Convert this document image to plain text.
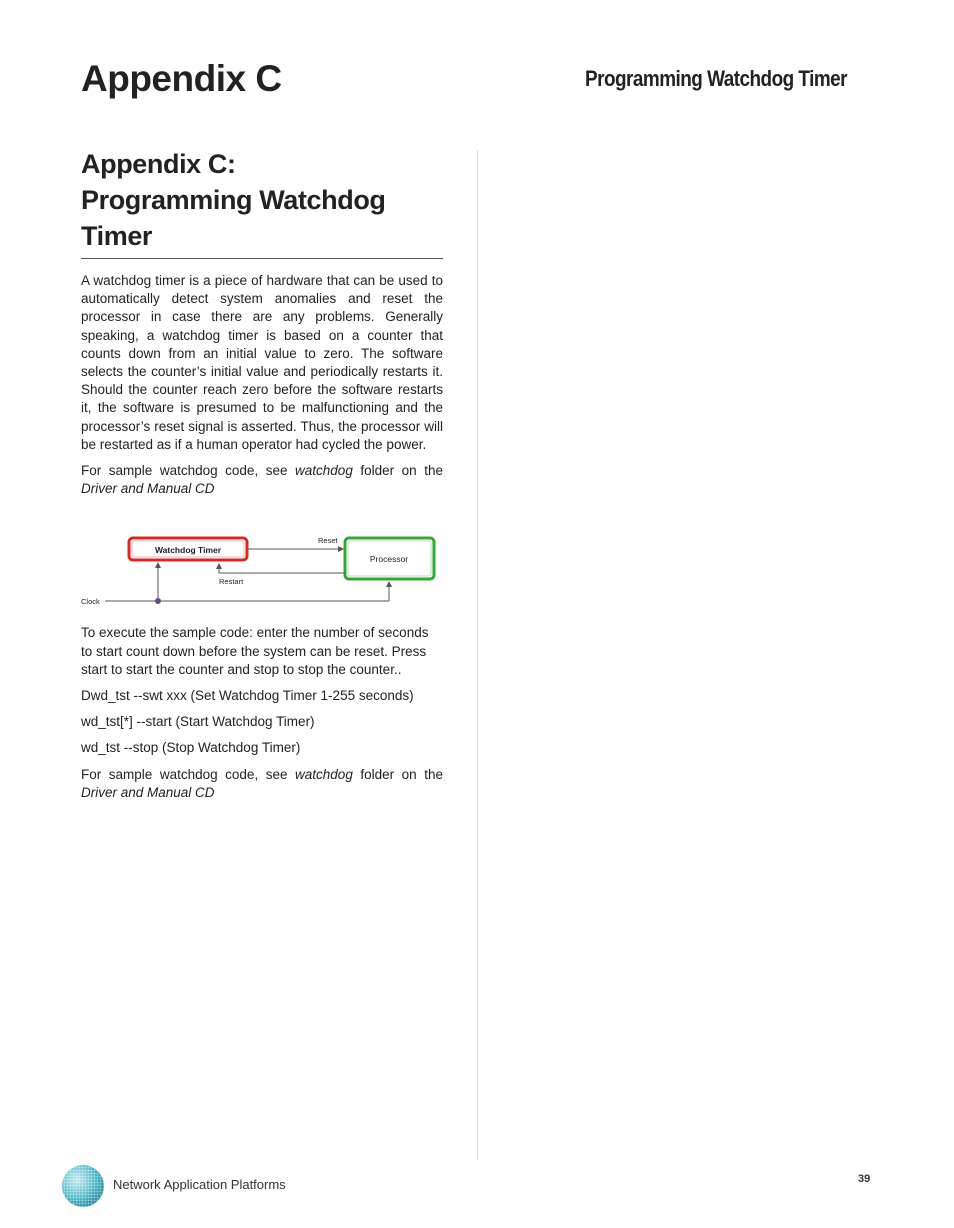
Appendix C	Programming Watchdog Timer
Appendix C:
Programming Watchdog
Timer

A watchdog timer is a piece of hardware that can be used to automatically detect system anomalies and reset the processor in case there are any problems. Generally speaking, a watchdog timer is based on a counter that counts down from an initial value to zero. The software selects the counter’s initial value and periodically restarts it. Should the counter reach zero before the software restarts it, the software is presumed to be malfunctioning and the processor’s reset signal is asserted. Thus, the processor will be restarted as if a human operator had cycled the power.

For sample watchdog code, see watchdog folder on the Driver and Manual CD

Watchdog Timer
Processor
Reset
Restart
Clock

To execute the sample code: enter the number of seconds to start count down before the system can be reset. Press start to start the counter and stop to stop the counter..

Dwd_tst --swt xxx (Set Watchdog Timer 1-255 seconds)

wd_tst[*] --start (Start Watchdog Timer)

wd_tst --stop (Stop Watchdog Timer)

For sample watchdog code, see watchdog folder on the Driver and Manual CD

Network Application Platforms	39
